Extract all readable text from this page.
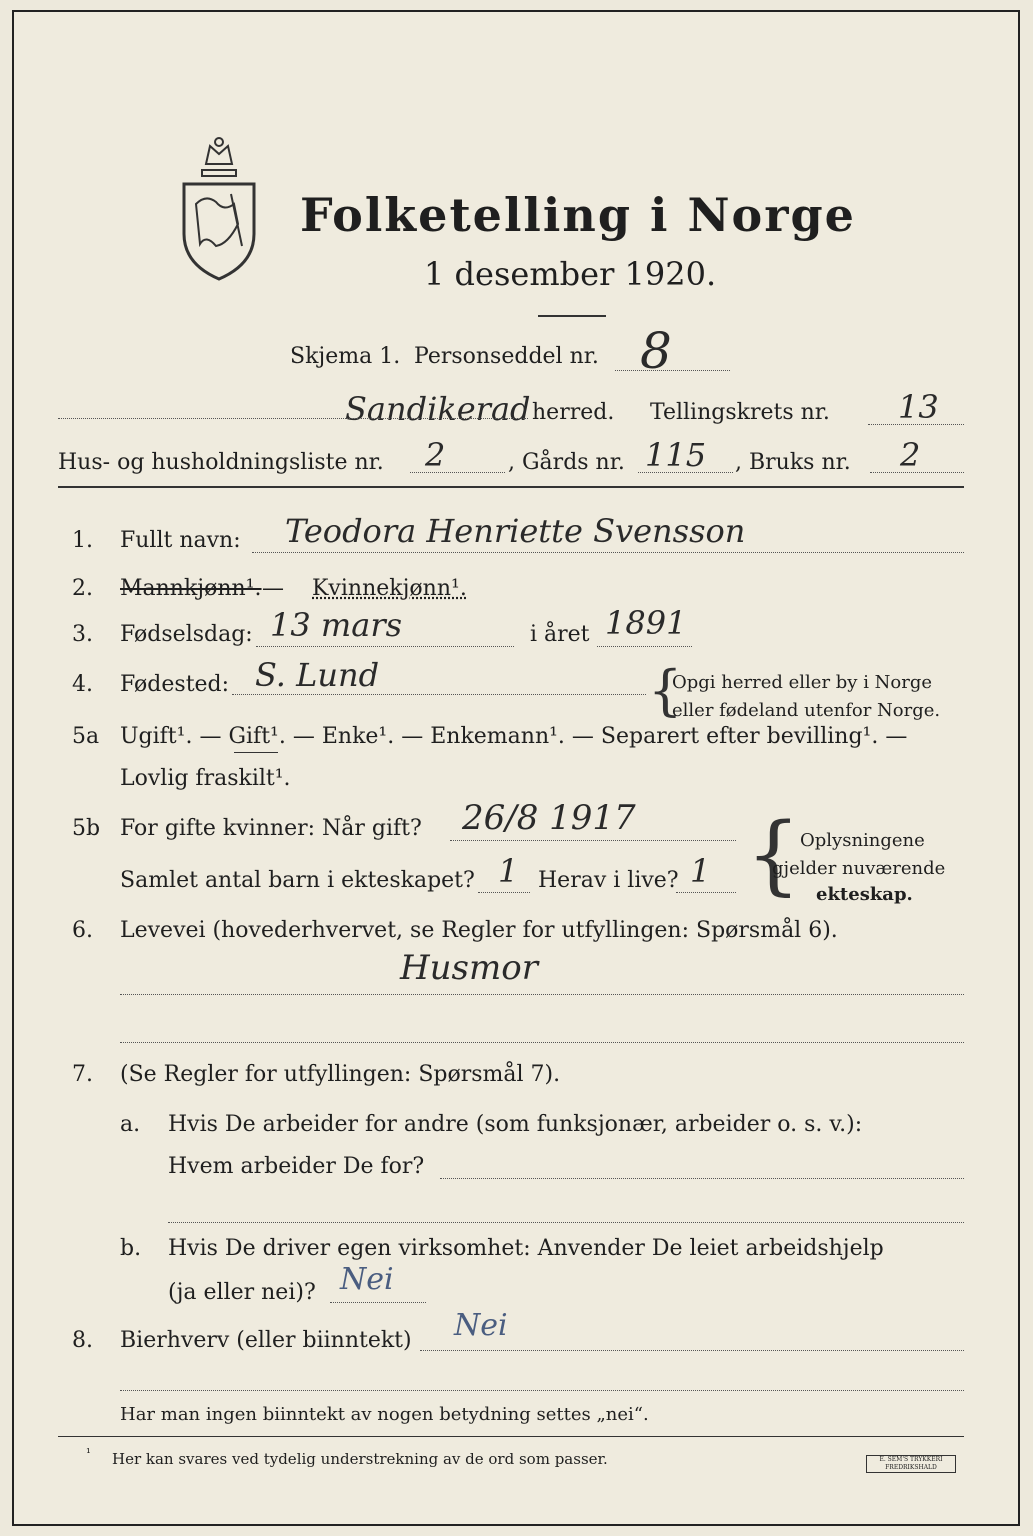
Folketelling i Norge
1 desember 1920.
Skjema 1. Personseddel nr. 8
Sandikerad herred. Tellingskrets nr. 13
Hus- og husholdningsliste nr. 2	, Gårds nr. 115 , Bruks nr. 2
1. Fullt navn: Teodora Henriette Svensson
2. Mannkjønn¹. — Kvinnekjønn¹.
3. Fødselsdag: 13 mars	i året 1891
4. Fødested: S. Lund	{
Opgi herred eller by i Norge
eller fødeland utenfor Norge.
5a Ugift¹. — Gift¹. — Enke¹. — Enkemann¹. — Separert efter bevilling¹. —
Lovlig fraskilt¹.
5b For gifte kvinner: Når gift? 26/8 1917
Samlet antal barn i ekteskapet? 1 Herav i live? 1 { Oplysningene
gjelder nuværende
ekteskap.
6. Levevei (hovederhvervet, se Regler for utfyllingen: Spørsmål 6).
Husmor
7. (Se Regler for utfyllingen: Spørsmål 7).
a. Hvis De arbeider for andre (som funksjonær, arbeider o. s. v.):
Hvem arbeider De for?
b. Hvis De driver egen virksomhet: Anvender De leiet arbeidshjelp
(ja eller nei)? Nei
8. Bierhverv (eller biinntekt) Nei
Har man ingen biinntekt av nogen betydning settes „nei“.
¹ Her kan svares ved tydelig understrekning av de ord som passer.	E. SEM'S TRYKKERI FREDRIKSHALD
